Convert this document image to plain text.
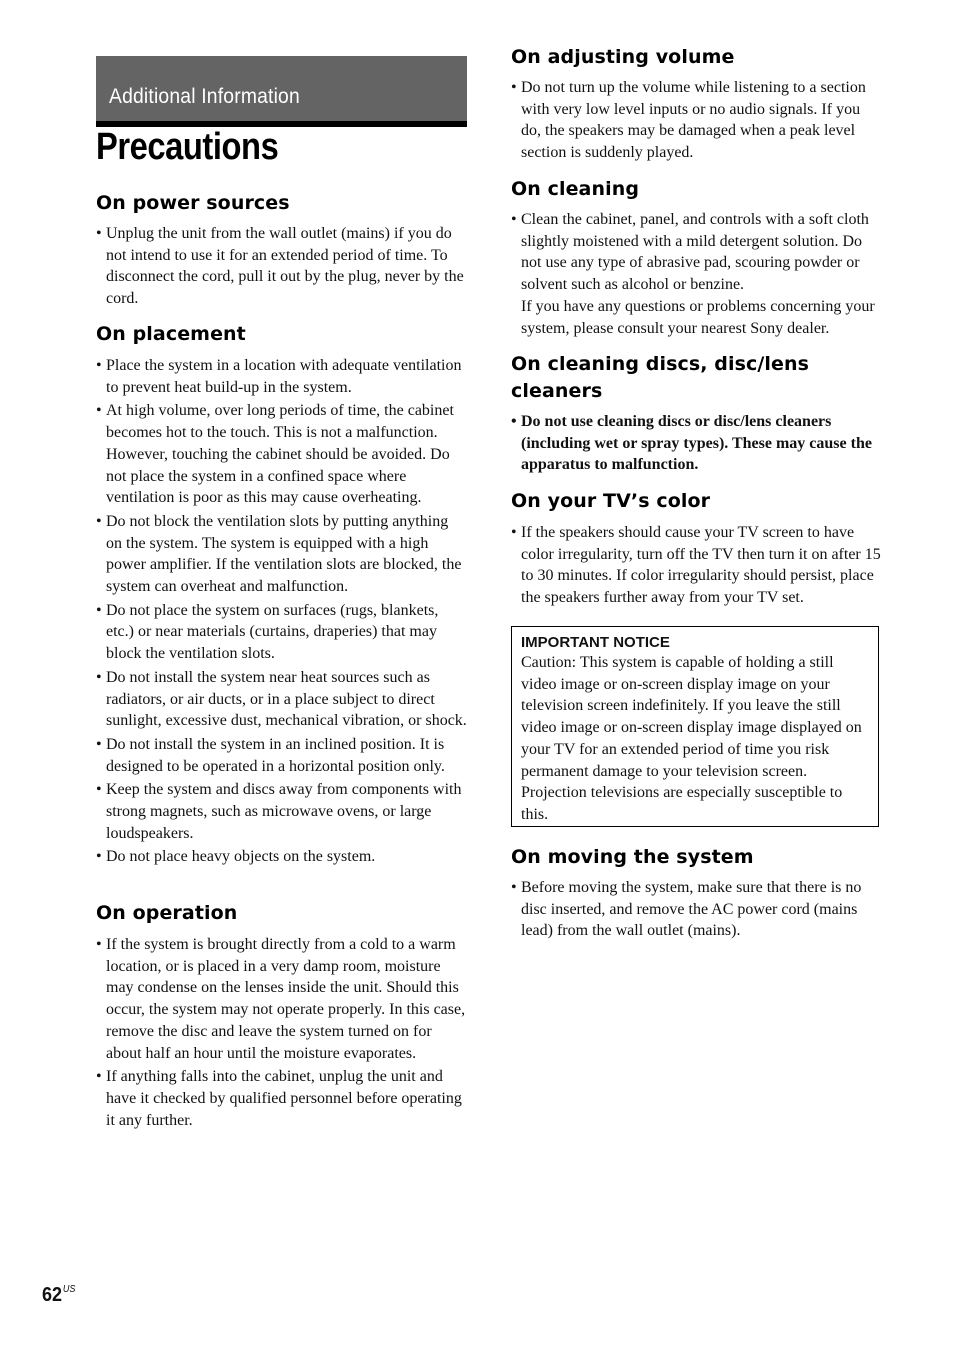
Additional Information
Precautions
On power sources
• Unplug the unit from the wall outlet (mains) if you do not intend to use it for an extended period of time. To disconnect the cord, pull it out by the plug, never by the cord.
On placement
• Place the system in a location with adequate ventilation to prevent heat build-up in the system.
• At high volume, over long periods of time, the cabinet becomes hot to the touch. This is not a malfunction. However, touching the cabinet should be avoided. Do not place the system in a confined space where ventilation is poor as this may cause overheating.
• Do not block the ventilation slots by putting anything on the system. The system is equipped with a high power amplifier. If the ventilation slots are blocked, the system can overheat and malfunction.
• Do not place the system on surfaces (rugs, blankets, etc.) or near materials (curtains, draperies) that may block the ventilation slots.
• Do not install the system near heat sources such as radiators, or air ducts, or in a place subject to direct sunlight, excessive dust, mechanical vibration, or shock.
• Do not install the system in an inclined position. It is designed to be operated in a horizontal position only.
• Keep the system and discs away from components with strong magnets, such as microwave ovens, or large loudspeakers.
• Do not place heavy objects on the system.
On operation
• If the system is brought directly from a cold to a warm location, or is placed in a very damp room, moisture may condense on the lenses inside the unit. Should this occur, the system may not operate properly. In this case, remove the disc and leave the system turned on for about half an hour until the moisture evaporates.
• If anything falls into the cabinet, unplug the unit and have it checked by qualified personnel before operating it any further.
On adjusting volume
• Do not turn up the volume while listening to a section with very low level inputs or no audio signals. If you do, the speakers may be damaged when a peak level section is suddenly played.
On cleaning
• Clean the cabinet, panel, and controls with a soft cloth slightly moistened with a mild detergent solution. Do not use any type of abrasive pad, scouring powder or solvent such as alcohol or benzine.
If you have any questions or problems concerning your system, please consult your nearest Sony dealer.
On cleaning discs, disc/lens cleaners
• Do not use cleaning discs or disc/lens cleaners (including wet or spray types). These may cause the apparatus to malfunction.
On your TV’s color
• If the speakers should cause your TV screen to have color irregularity, turn off the TV then turn it on after 15 to 30 minutes. If color irregularity should persist, place the speakers further away from your TV set.
On moving the system
• Before moving the system, make sure that there is no disc inserted, and remove the AC power cord (mains lead) from the wall outlet (mains).
IMPORTANT NOTICE
Caution: This system is capable of holding a still video image or on-screen display image on your television screen indefinitely. If you leave the still video image or on-screen display image displayed on your TV for an extended period of time you risk permanent damage to your television screen. Projection televisions are especially susceptible to this.
$62^{US}$
